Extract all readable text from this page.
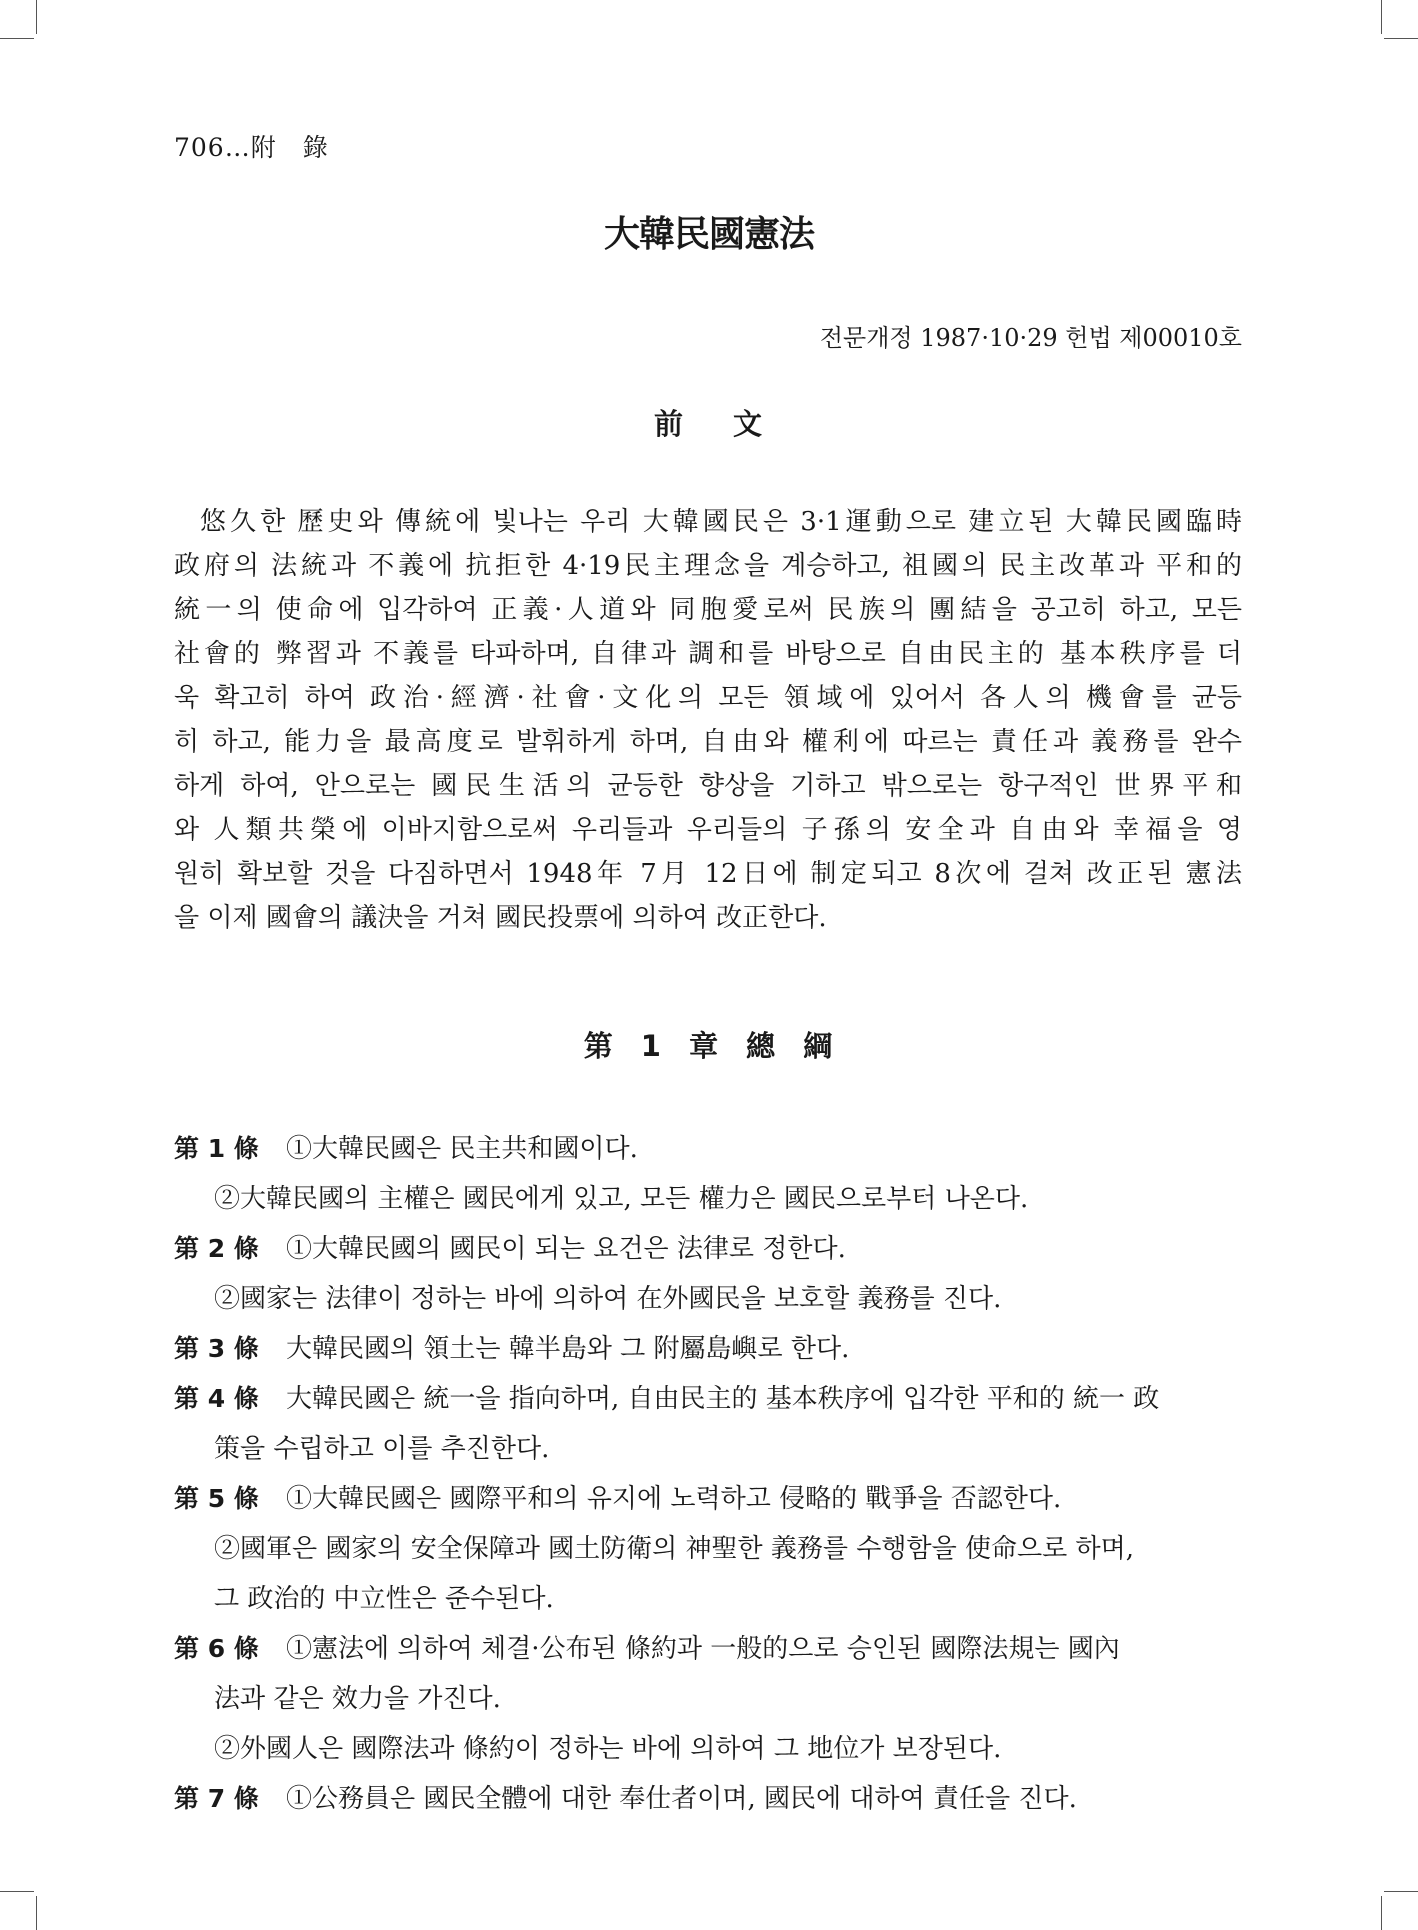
706…附　錄
大韓民國憲法
전문개정 1987·10·29 헌법 제00010호
前 文
悠久한 歷史와 傳統에 빛나는 우리 大韓國民은 3·1運動으로 建立된 大韓民國臨時
政府의 法統과 不義에 抗拒한 4·19民主理念을 계승하고, 祖國의 民主改革과 平和的
統一의 使命에 입각하여 正義·人道와 同胞愛로써 民族의 團結을 공고히 하고, 모든
社會的 弊習과 不義를 타파하며, 自律과 調和를 바탕으로 自由民主的 基本秩序를 더
욱 확고히 하여 政治·經濟·社會·文化의 모든 領域에 있어서 各人의 機會를 균등
히 하고, 能力을 最高度로 발휘하게 하며, 自由와 權利에 따르는 責任과 義務를 완수
하게 하여, 안으로는 國民生活의 균등한 향상을 기하고 밖으로는 항구적인 世界平和
와 人類共榮에 이바지함으로써 우리들과 우리들의 子孫의 安全과 自由와 幸福을 영
원히 확보할 것을 다짐하면서 1948年 7月 12日에 制定되고 8次에 걸쳐 改正된 憲法
을 이제 國會의 議決을 거쳐 國民投票에 의하여 改正한다.
第 1 章 總 綱
第 1 條 ①大韓民國은 民主共和國이다.
②大韓民國의 主權은 國民에게 있고, 모든 權力은 國民으로부터 나온다.
第 2 條 ①大韓民國의 國民이 되는 요건은 法律로 정한다.
②國家는 法律이 정하는 바에 의하여 在外國民을 보호할 義務를 진다.
第 3 條 大韓民國의 領土는 韓半島와 그 附屬島嶼로 한다.
第 4 條 大韓民國은 統一을 指向하며, 自由民主的 基本秩序에 입각한 平和的 統一 政
策을 수립하고 이를 추진한다.
第 5 條 ①大韓民國은 國際平和의 유지에 노력하고 侵略的 戰爭을 否認한다.
②國軍은 國家의 安全保障과 國土防衛의 神聖한 義務를 수행함을 使命으로 하며,
그 政治的 中立性은 준수된다.
第 6 條 ①憲法에 의하여 체결·公布된 條約과 一般的으로 승인된 國際法規는 國內
法과 같은 效力을 가진다.
②外國人은 國際法과 條約이 정하는 바에 의하여 그 地位가 보장된다.
第 7 條 ①公務員은 國民全體에 대한 奉仕者이며, 國民에 대하여 責任을 진다.
